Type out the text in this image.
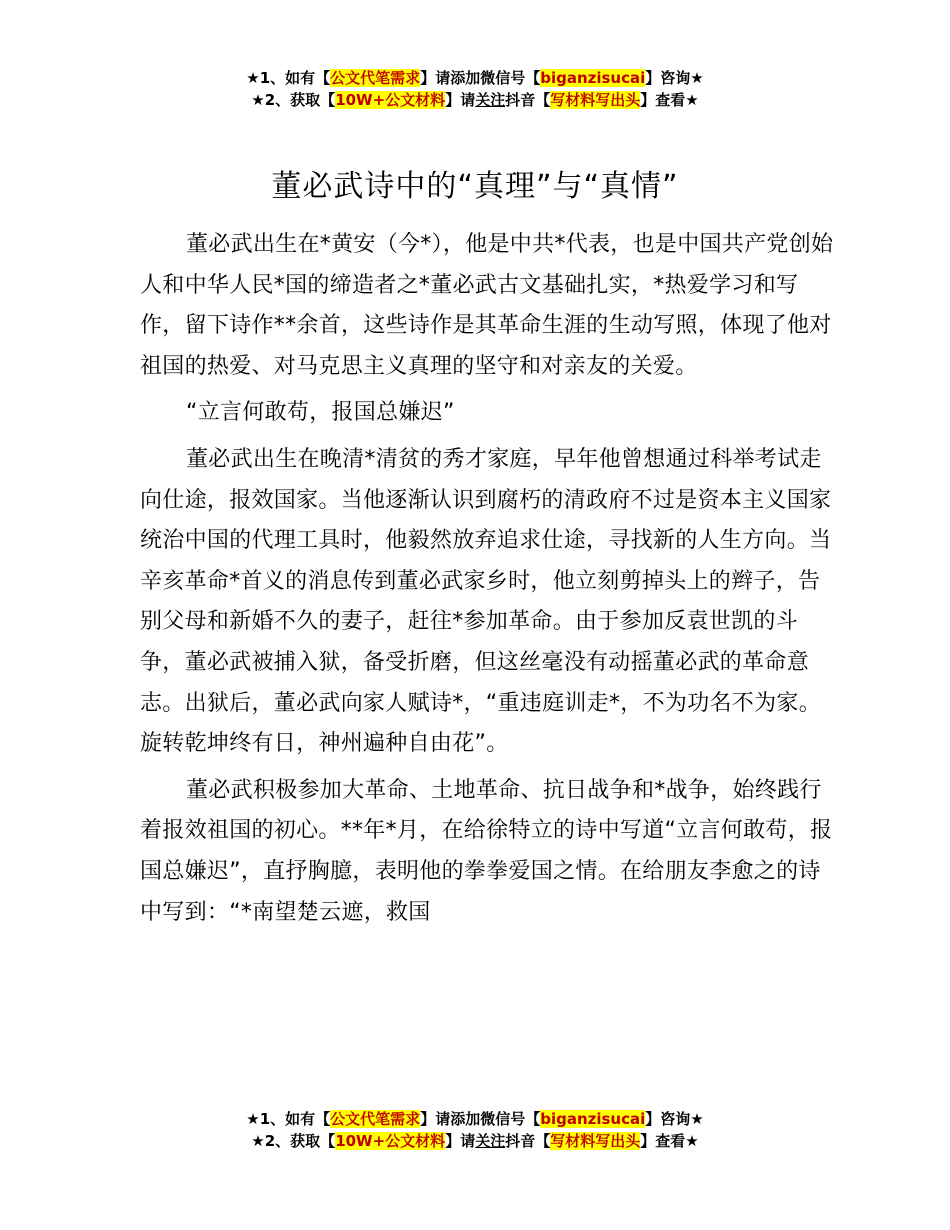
★1、如有【公文代笔需求】请添加微信号【biganzisucai】咨询★
★2、获取【10W+公文材料】请关注抖音【写材料写出头】查看★
董必武诗中的“真理”与“真情”

董必武出生在*黄安（今*），他是中共*代表，也是中国共产党创始人和中华人民*国的缔造者之*董必武古文基础扎实，*热爱学习和写作，留下诗作**余首，这些诗作是其革命生涯的生动写照，体现了他对祖国的热爱、对马克思主义真理的坚守和对亲友的关爱。

“立言何敢苟，报国总嫌迟”

董必武出生在晚清*清贫的秀才家庭，早年他曾想通过科举考试走向仕途，报效国家。当他逐渐认识到腐朽的清政府不过是资本主义国家统治中国的代理工具时，他毅然放弃追求仕途，寻找新的人生方向。当辛亥革命*首义的消息传到董必武家乡时，他立刻剪掉头上的辫子，告别父母和新婚不久的妻子，赶往*参加革命。由于参加反袁世凯的斗争，董必武被捕入狱，备受折磨，但这丝毫没有动摇董必武的革命意志。出狱后，董必武向家人赋诗*，“重违庭训走*，不为功名不为家。旋转乾坤终有日，神州遍种自由花”。

董必武积极参加大革命、土地革命、抗日战争和*战争，始终践行着报效祖国的初心。**年*月，在给徐特立的诗中写道“立言何敢苟，报国总嫌迟”，直抒胸臆，表明他的拳拳爱国之情。在给朋友李愈之的诗中写到：“*南望楚云遮，救国

★1、如有【公文代笔需求】请添加微信号【biganzisucai】咨询★
★2、获取【10W+公文材料】请关注抖音【写材料写出头】查看★
